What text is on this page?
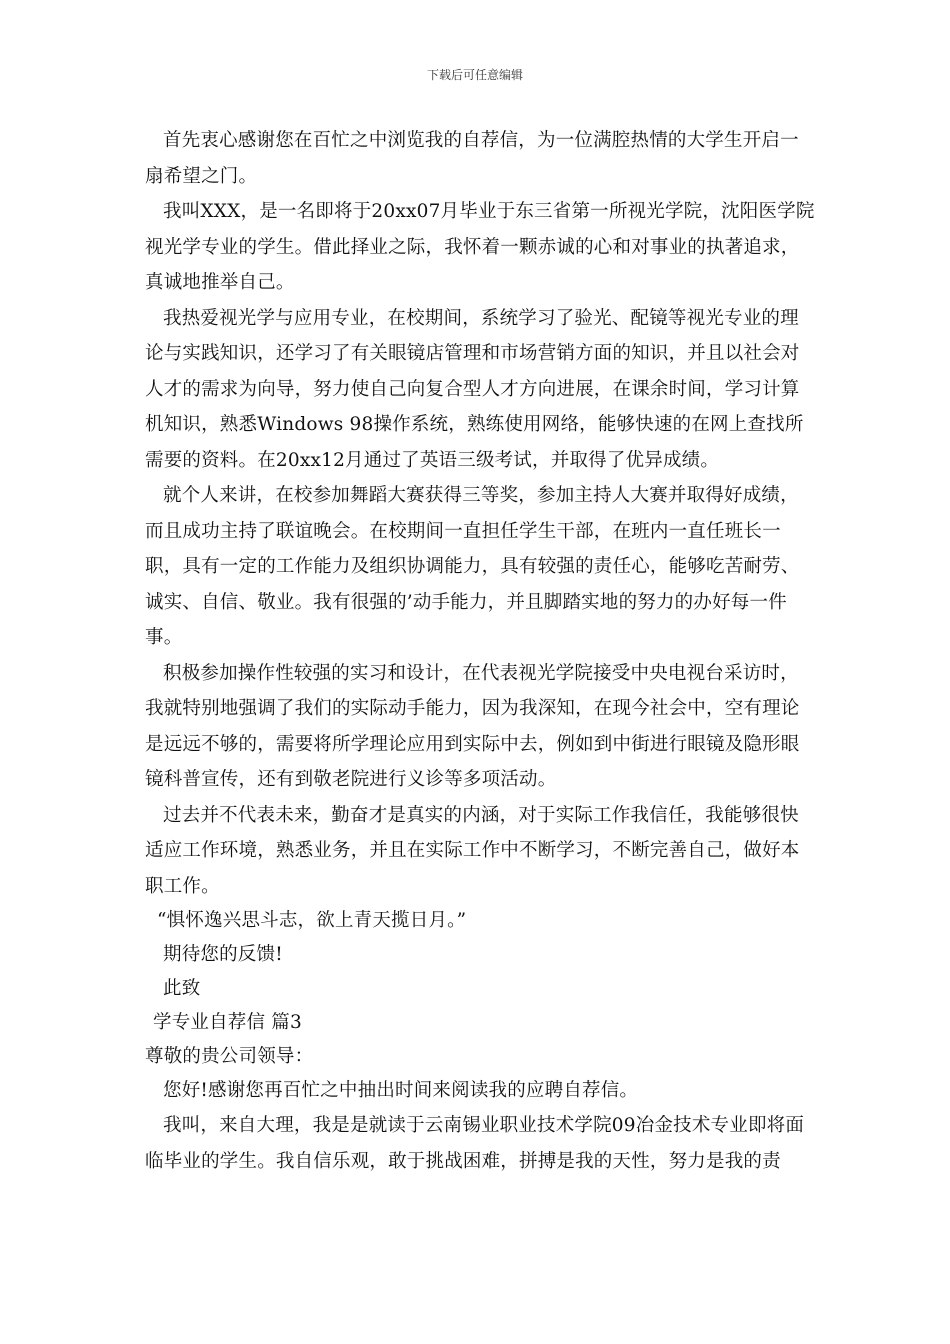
下载后可任意编辑

首先衷心感谢您在百忙之中浏览我的自荐信，为一位满腔热情的大学生开启一扇希望之门。

我叫XXX，是一名即将于20xx07月毕业于东三省第一所视光学院，沈阳医学院视光学专业的学生。借此择业之际，我怀着一颗赤诚的心和对事业的执著追求，真诚地推举自己。

我热爱视光学与应用专业，在校期间，系统学习了验光、配镜等视光专业的理论与实践知识，还学习了有关眼镜店管理和市场营销方面的知识，并且以社会对人才的需求为向导，努力使自己向复合型人才方向进展，在课余时间，学习计算机知识，熟悉Windows 98操作系统，熟练使用网络，能够快速的在网上查找所需要的资料。在20xx12月通过了英语三级考试，并取得了优异成绩。

就个人来讲，在校参加舞蹈大赛获得三等奖，参加主持人大赛并取得好成绩，而且成功主持了联谊晚会。在校期间一直担任学生干部，在班内一直任班长一职，具有一定的工作能力及组织协调能力，具有较强的责任心，能够吃苦耐劳、诚实、自信、敬业。我有很强的’动手能力，并且脚踏实地的努力的办好每一件事。

积极参加操作性较强的实习和设计，在代表视光学院接受中央电视台采访时，我就特别地强调了我们的实际动手能力，因为我深知，在现今社会中，空有理论是远远不够的，需要将所学理论应用到实际中去，例如到中街进行眼镜及隐形眼镜科普宣传，还有到敬老院进行义诊等多项活动。

过去并不代表未来，勤奋才是真实的内涵，对于实际工作我信任，我能够很快适应工作环境，熟悉业务，并且在实际工作中不断学习，不断完善自己，做好本职工作。

“惧怀逸兴思斗志，欲上青天揽日月。”

期待您的反馈!

此致

学专业自荐信 篇3

尊敬的贵公司领导：

您好!感谢您再百忙之中抽出时间来阅读我的应聘自荐信。

我叫，来自大理，我是是就读于云南锡业职业技术学院09冶金技术专业即将面临毕业的学生。我自信乐观，敢于挑战困难，拼搏是我的天性，努力是我的责
